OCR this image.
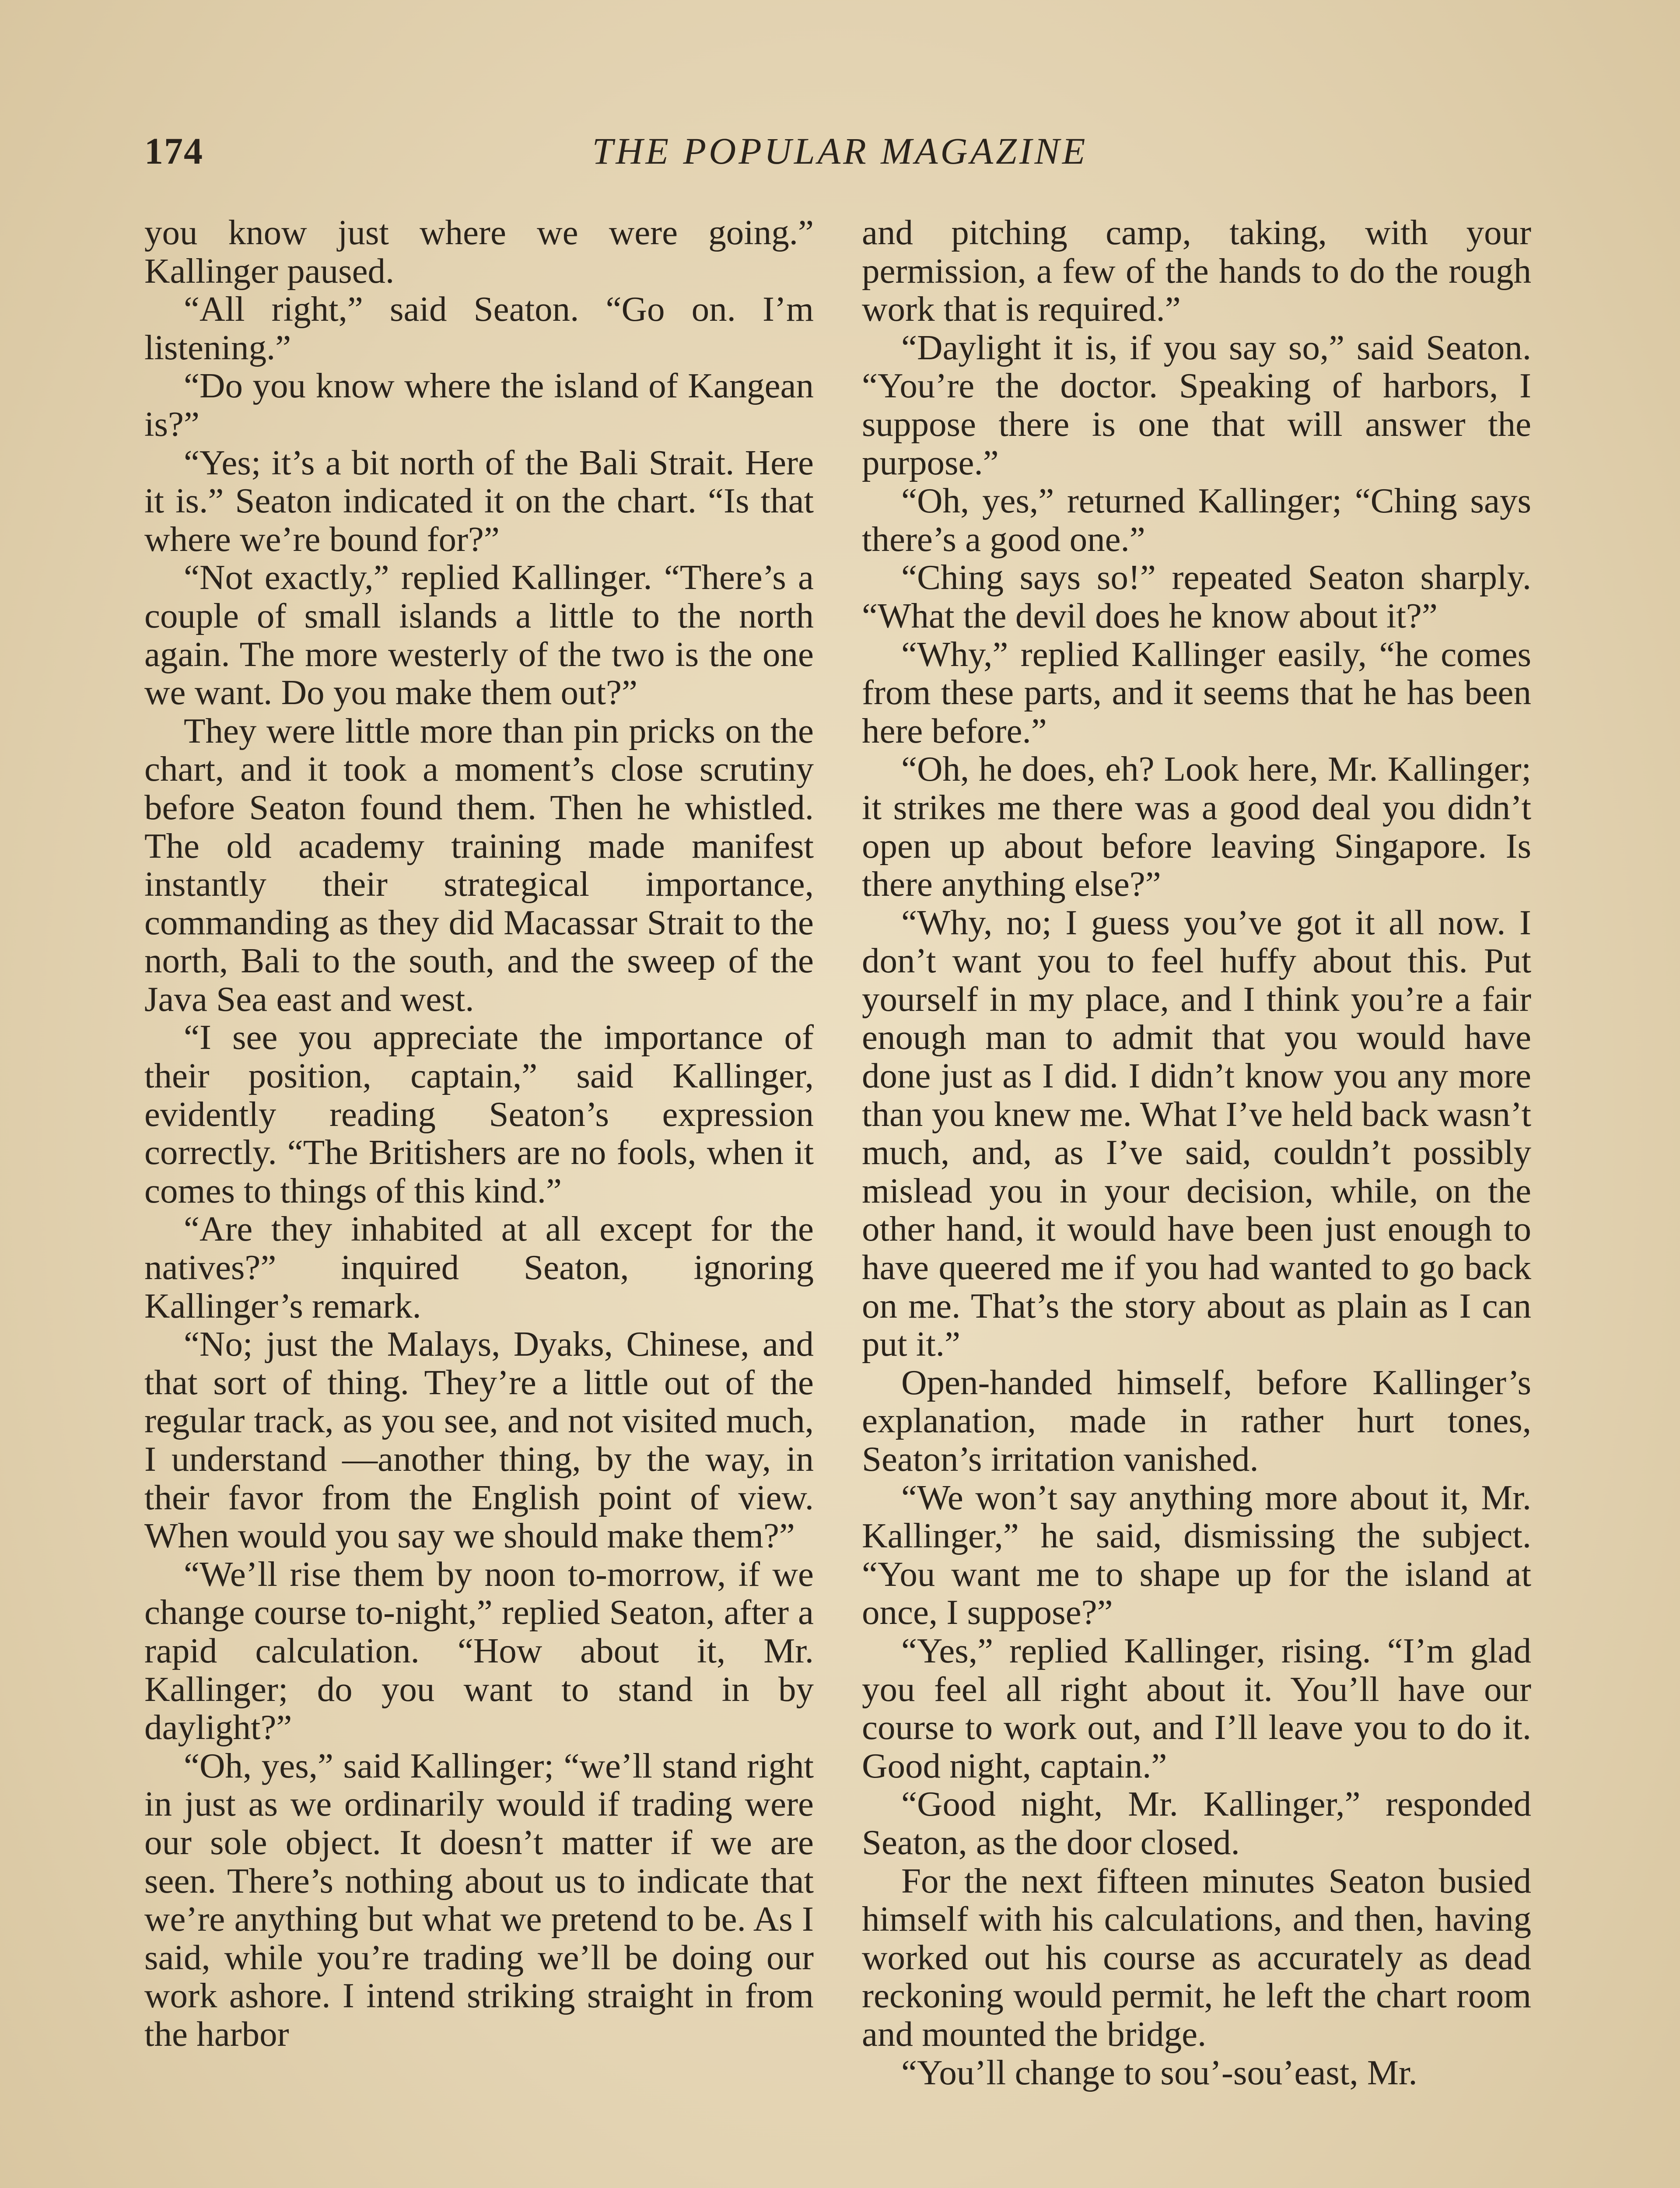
174	THE POPULAR MAGAZINE

you know just where we were going.” Kallinger paused.

“All right,” said Seaton. “Go on. I’m listening.”

“Do you know where the island of Kangean is?”

“Yes; it’s a bit north of the Bali Strait. Here it is.” Seaton indicated it on the chart. “Is that where we’re bound for?”

“Not exactly,” replied Kallinger. “There’s a couple of small islands a little to the north again. The more westerly of the two is the one we want. Do you make them out?”

They were little more than pin pricks on the chart, and it took a moment’s close scrutiny before Seaton found them. Then he whistled. The old academy training made manifest instantly their strategical importance, commanding as they did Macassar Strait to the north, Bali to the south, and the sweep of the Java Sea east and west.

“I see you appreciate the importance of their position, captain,” said Kallinger, evidently reading Seaton’s expression correctly. “The Britishers are no fools, when it comes to things of this kind.”

“Are they inhabited at all except for the natives?” inquired Seaton, ignoring Kallinger’s remark.

“No; just the Malays, Dyaks, Chinese, and that sort of thing. They’re a little out of the regular track, as you see, and not visited much, I understand —another thing, by the way, in their favor from the English point of view. When would you say we should make them?”

“We’ll rise them by noon to-morrow, if we change course to-night,” replied Seaton, after a rapid calculation. “How about it, Mr. Kallinger; do you want to stand in by daylight?”

“Oh, yes,” said Kallinger; “we’ll stand right in just as we ordinarily would if trading were our sole object. It doesn’t matter if we are seen. There’s nothing about us to indicate that we’re anything but what we pretend to be. As I said, while you’re trading we’ll be doing our work ashore. I intend striking straight in from the harbor

and pitching camp, taking, with your permission, a few of the hands to do the rough work that is required.”

“Daylight it is, if you say so,” said Seaton. “You’re the doctor. Speaking of harbors, I suppose there is one that will answer the purpose.”

“Oh, yes,” returned Kallinger; “Ching says there’s a good one.”

“Ching says so!” repeated Seaton sharply. “What the devil does he know about it?”

“Why,” replied Kallinger easily, “he comes from these parts, and it seems that he has been here before.”

“Oh, he does, eh? Look here, Mr. Kallinger; it strikes me there was a good deal you didn’t open up about before leaving Singapore. Is there anything else?”

“Why, no; I guess you’ve got it all now. I don’t want you to feel huffy about this. Put yourself in my place, and I think you’re a fair enough man to admit that you would have done just as I did. I didn’t know you any more than you knew me. What I’ve held back wasn’t much, and, as I’ve said, couldn’t possibly mislead you in your decision, while, on the other hand, it would have been just enough to have queered me if you had wanted to go back on me. That’s the story about as plain as I can put it.”

Open-handed himself, before Kallinger’s explanation, made in rather hurt tones, Seaton’s irritation vanished.

“We won’t say anything more about it, Mr. Kallinger,” he said, dismissing the subject. “You want me to shape up for the island at once, I suppose?”

“Yes,” replied Kallinger, rising. “I’m glad you feel all right about it. You’ll have our course to work out, and I’ll leave you to do it. Good night, captain.”

“Good night, Mr. Kallinger,” responded Seaton, as the door closed.

For the next fifteen minutes Seaton busied himself with his calculations, and then, having worked out his course as accurately as dead reckoning would permit, he left the chart room and mounted the bridge.

“You’ll change to sou’-sou’east, Mr.
